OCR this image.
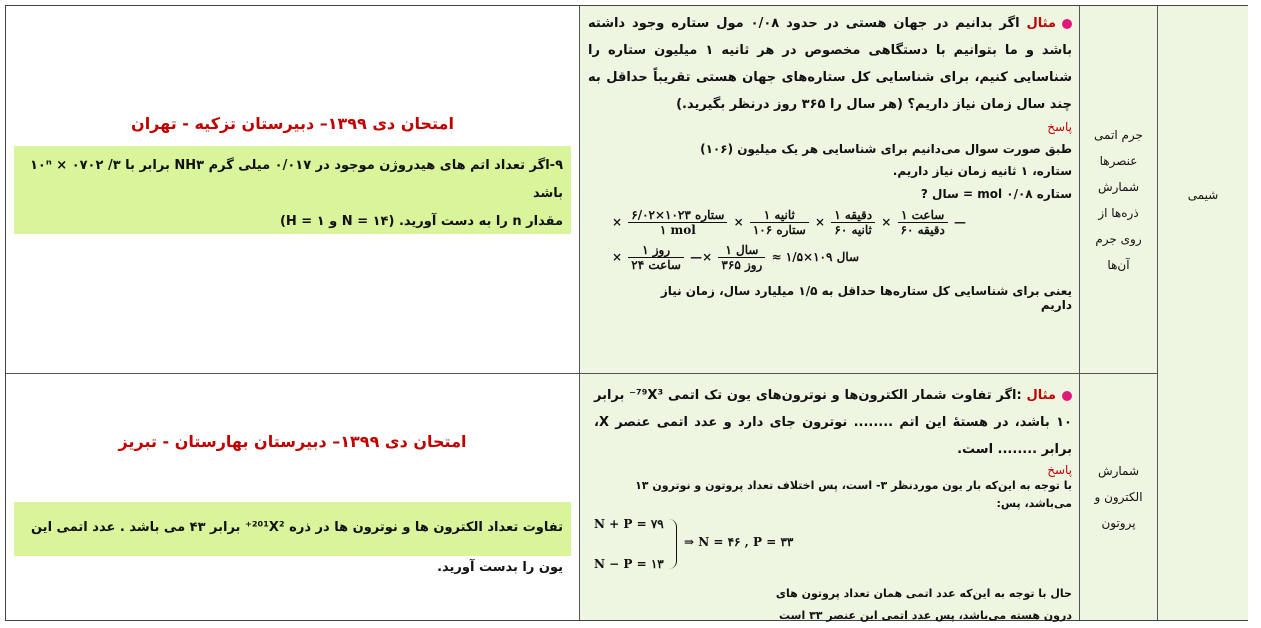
امتحان دی ۱۳۹۹– دبیرستان تزکیه - تهران
۹-اگر تعداد اتم های هیدروژن موجود در ۰/۰۱۷ میلی گرم NH۳ برابر با ۱۰ⁿ × ۰۷۰۲ ‌/۳ باشد
مقدار n را به دست آورید. (N = ۱۴ و H = ۱)
مثال اگر بدانیم در جهان هستی در حدود ۰/۰۸ مول ستاره وجود داشته باشد و ما بتوانیم با دستگاهی مخصوص در هر ثانیه ۱ میلیون ستاره را شناسایی کنیم، برای شناسایی کل ستاره‌های جهان هستی تقریباً حداقل به چند سال زمان نیاز داریم؟ (هر سال را ۳۶۵ روز درنظر بگیرید.)
پاسخ
طبق صورت سوال می‌دانیم برای شناسایی هر یک میلیون (۱۰۶) ستاره، ۱ ثانیه زمان نیاز داریم.
ستاره ۰/۰۸ mol = سال ?
× $\frac{\text{۶/۰۲×۱۰۲۳ ستاره}}{\text{۱ mol}} \times \frac{\text{۱ ثانیه}}{\text{۱۰۶ ستاره}} \times \frac{\text{۱ دقیقه}}{\text{۶۰ ثانیه}} \times \frac{\text{۱ ساعت}}{\text{۶۰ دقیقه}}$ —
× $\frac{\text{۱ روز}}{\text{۲۴ ساعت}}$ —× $\frac{\text{۱ سال}}{\text{۳۶۵ روز}}$ ≈ ۱/۵×۱۰۹ سال
یعنی برای شناسایی کل ستاره‌ها حداقل به ۱/۵ میلیارد سال، زمان نیاز داریم
جرم اتمی عنصرها شمارش ذره‌ها از روی جرم آن‌ها
شیمی
امتحان دی ۱۳۹۹– دبیرستان بهارستان - تبریز
تفاوت تعداد الکترون ها و نوترون ها در ذره ²⁰¹X²⁺ برابر ۴۳ می باشد . عدد اتمی این یون را بدست آورید.
مثال :اگر تفاوت شمار الکترون‌ها و نوترون‌های یون تک اتمی ⁷⁹X³⁻ برابر ۱۰ باشد، در هستهٔ این اتم ........ نوترون جای دارد و عدد اتمی عنصر X، برابر ........ است.
پاسخ
با توجه به این‌که بار یون موردنظر ۳- است، پس اختلاف تعداد پروتون و نوترون ۱۳ می‌باشد، پس:
N + P = ۷۹
N − P = ۱۳
⇒ N = ۴۶ , P = ۳۳
حال با توجه به این‌که عدد اتمی همان تعداد پروتون های درون هسته می‌باشد، پس عدد اتمی این عنصر ۳۳ است
شمارش الکترون و پروتون
